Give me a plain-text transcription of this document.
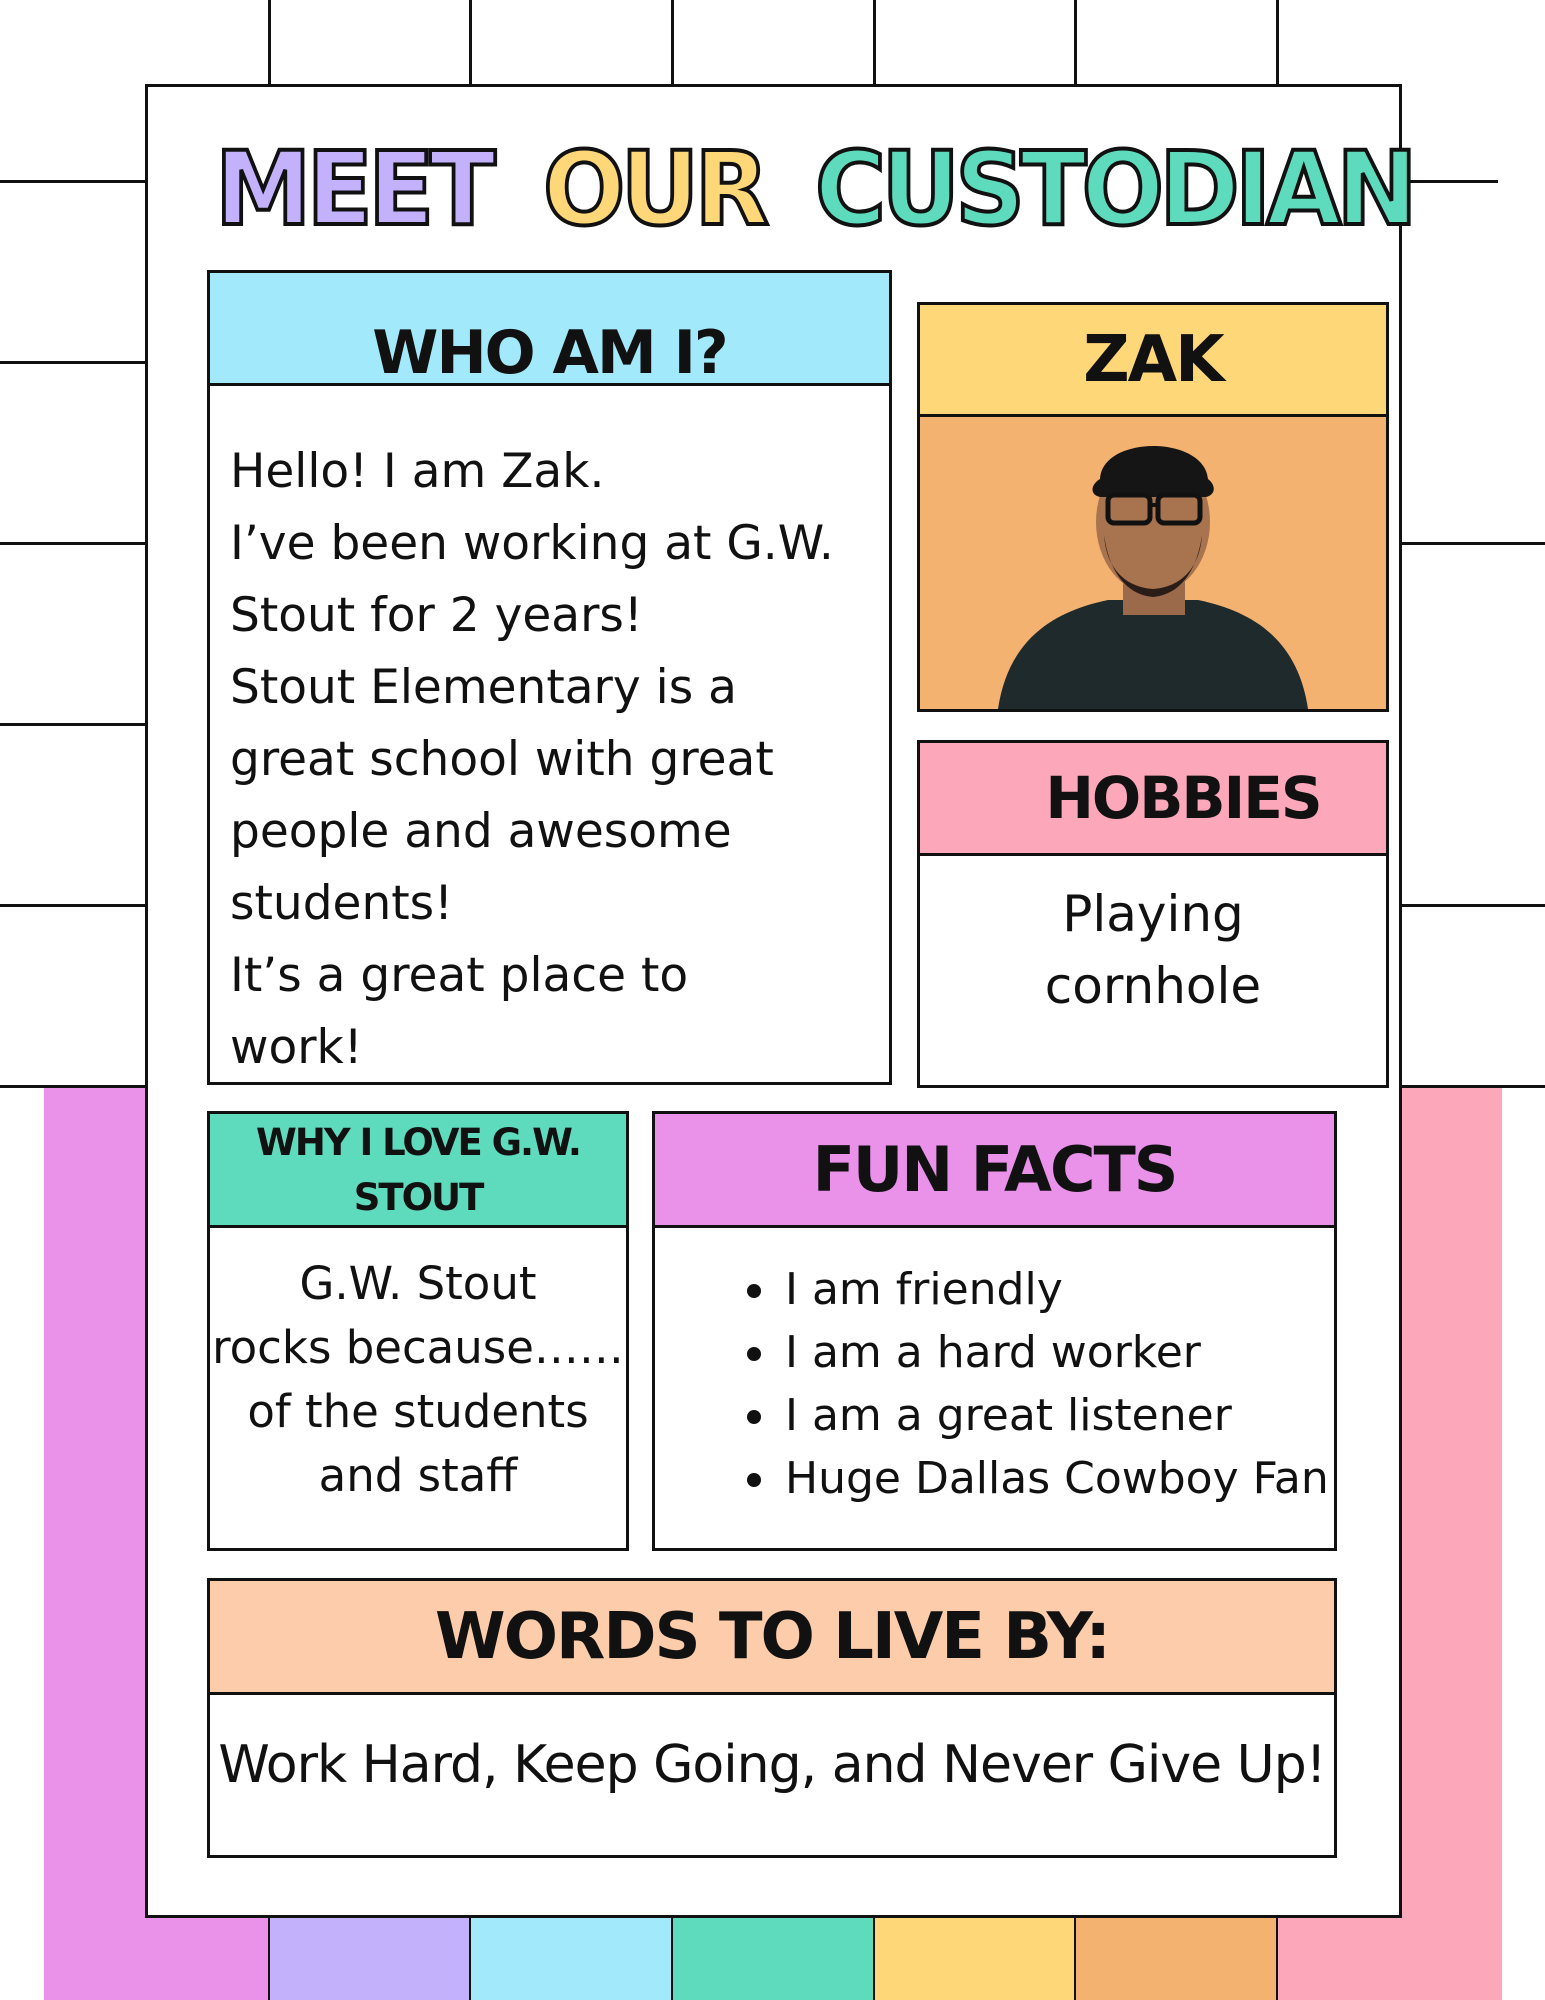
MEET OUR CUSTODIAN
WHO AM I?
Hello! I am Zak.
I’ve been working at G.W.
Stout for 2 years!
Stout Elementary is a
great school with great
people and awesome
students!
It’s a great place to
work!
ZAK
HOBBIES
Playing
cornhole
WHY I LOVE G.W.
STOUT
G.W. Stout
rocks because……
of the students
and staff
FUN FACTS
I am friendly
I am a hard worker
I am a great listener
Huge Dallas Cowboy Fan
WORDS TO LIVE BY:
Work Hard, Keep Going, and Never Give Up!
